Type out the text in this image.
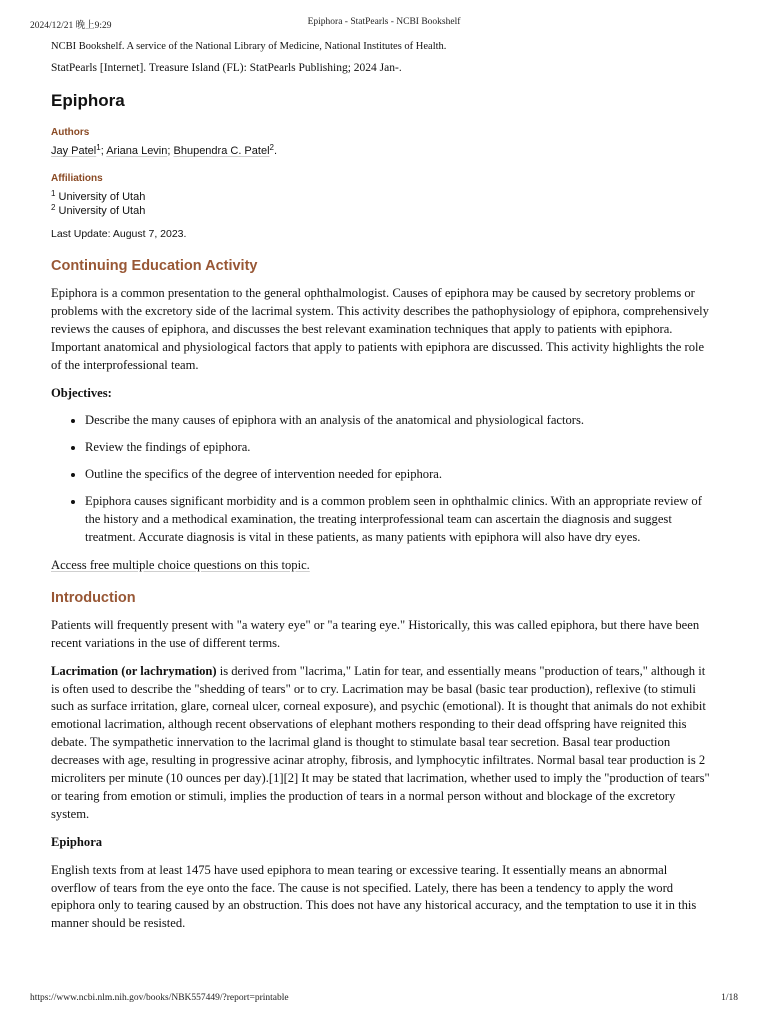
2024/12/21 晚上9:29	Epiphora - StatPearls - NCBI Bookshelf

NCBI Bookshelf. A service of the National Library of Medicine, National Institutes of Health.

StatPearls [Internet]. Treasure Island (FL): StatPearls Publishing; 2024 Jan-.

Epiphora
Authors

Jay Patel$^1$; Ariana Levin; Bhupendra C. Patel$^2$.

Affiliations
$^1$ University of Utah
$^2$ University of Utah

Last Update: August 7, 2023.

Continuing Education Activity

Epiphora is a common presentation to the general ophthalmologist. Causes of epiphora may be caused by secretory problems or problems with the excretory side of the lacrimal system. This activity describes the pathophysiology of epiphora, comprehensively reviews the causes of epiphora, and discusses the best relevant examination techniques that apply to patients with epiphora. Important anatomical and physiological factors that apply to patients with epiphora are discussed. This activity highlights the role of the interprofessional team.

Objectives:

• Describe the many causes of epiphora with an analysis of the anatomical and physiological factors.
• Review the findings of epiphora.
• Outline the specifics of the degree of intervention needed for epiphora.
• Epiphora causes significant morbidity and is a common problem seen in ophthalmic clinics. With an appropriate review of the history and a methodical examination, the treating interprofessional team can ascertain the diagnosis and suggest treatment. Accurate diagnosis is vital in these patients, as many patients with epiphora will also have dry eyes.

Access free multiple choice questions on this topic.

Introduction

Patients will frequently present with "a watery eye" or "a tearing eye." Historically, this was called epiphora, but there have been recent variations in the use of different terms.

Lacrimation (or lachrymation) is derived from "lacrima," Latin for tear, and essentially means "production of tears," although it is often used to describe the "shedding of tears" or to cry. Lacrimation may be basal (basic tear production), reflexive (to stimuli such as surface irritation, glare, corneal ulcer, corneal exposure), and psychic (emotional). It is thought that animals do not exhibit emotional lacrimation, although recent observations of elephant mothers responding to their dead offspring have reignited this debate. The sympathetic innervation to the lacrimal gland is thought to stimulate basal tear secretion. Basal tear production decreases with age, resulting in progressive acinar atrophy, fibrosis, and lymphocytic infiltrates. Normal basal tear production is 2 microliters per minute (10 ounces per day).[1][2] It may be stated that lacrimation, whether used to imply the "production of tears" or tearing from emotion or stimuli, implies the production of tears in a normal person without and blockage of the excretory system.

Epiphora

English texts from at least 1475 have used epiphora to mean tearing or excessive tearing. It essentially means an abnormal overflow of tears from the eye onto the face. The cause is not specified. Lately, there has been a tendency to apply the word epiphora only to tearing caused by an obstruction. This does not have any historical accuracy, and the temptation to use it in this manner should be resisted.

https://www.ncbi.nlm.nih.gov/books/NBK557449/?report=printable	1/18
